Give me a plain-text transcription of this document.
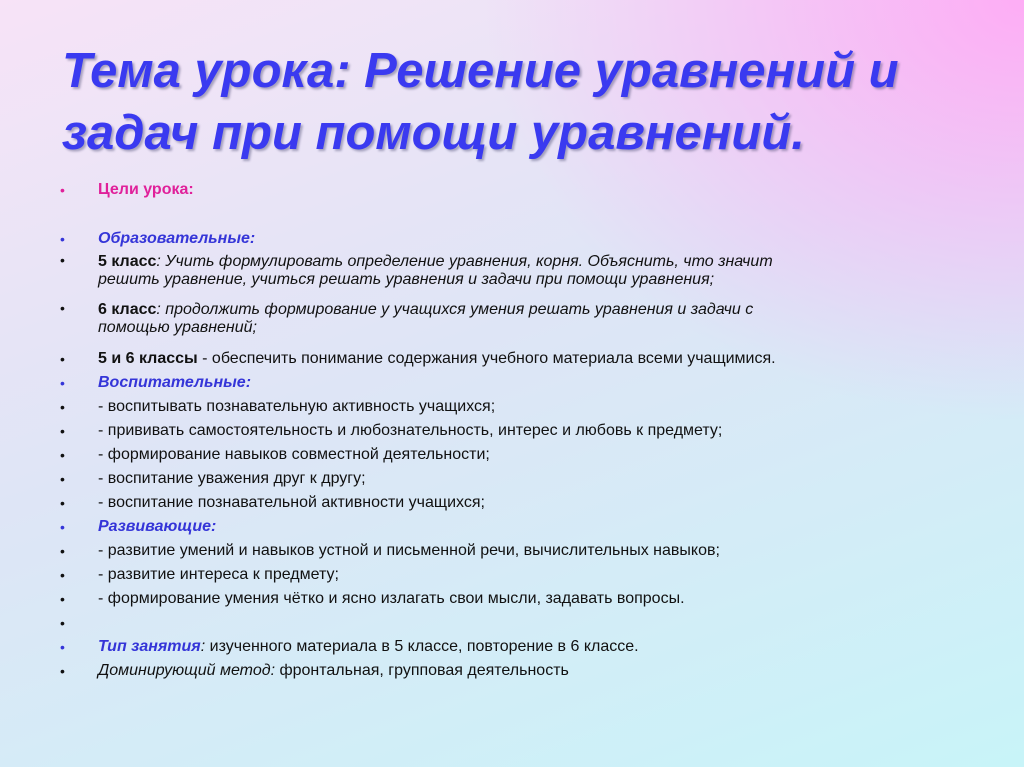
Тема урока: Решение уравнений и
задач при помощи уравнений.
• Цели урока:
• Образовательные:
• 5 класс: Учить формулировать определение уравнения, корня. Объяснить, что значит
решить уравнение, учиться решать уравнения и задачи при помощи уравнения;
• 6 класс: продолжить формирование у учащихся умения решать уравнения и задачи с
помощью уравнений;
• 5 и 6 классы - обеспечить понимание содержания учебного материала всеми учащимися.
• Воспитательные:
• - воспитывать познавательную активность учащихся;
• - прививать самостоятельность и любознательность, интерес и любовь к предмету;
• - формирование навыков совместной деятельности;
• - воспитание уважения друг к другу;
• - воспитание познавательной активности учащихся;
• Развивающие:
• - развитие умений и навыков устной и письменной речи, вычислительных навыков;
• - развитие интереса к предмету;
• - формирование умения чётко и ясно излагать свои мысли, задавать вопросы.
•
• Тип занятия: изученного материала в 5 классе, повторение в 6 классе.
• Доминирующий метод: фронтальная, групповая деятельность
